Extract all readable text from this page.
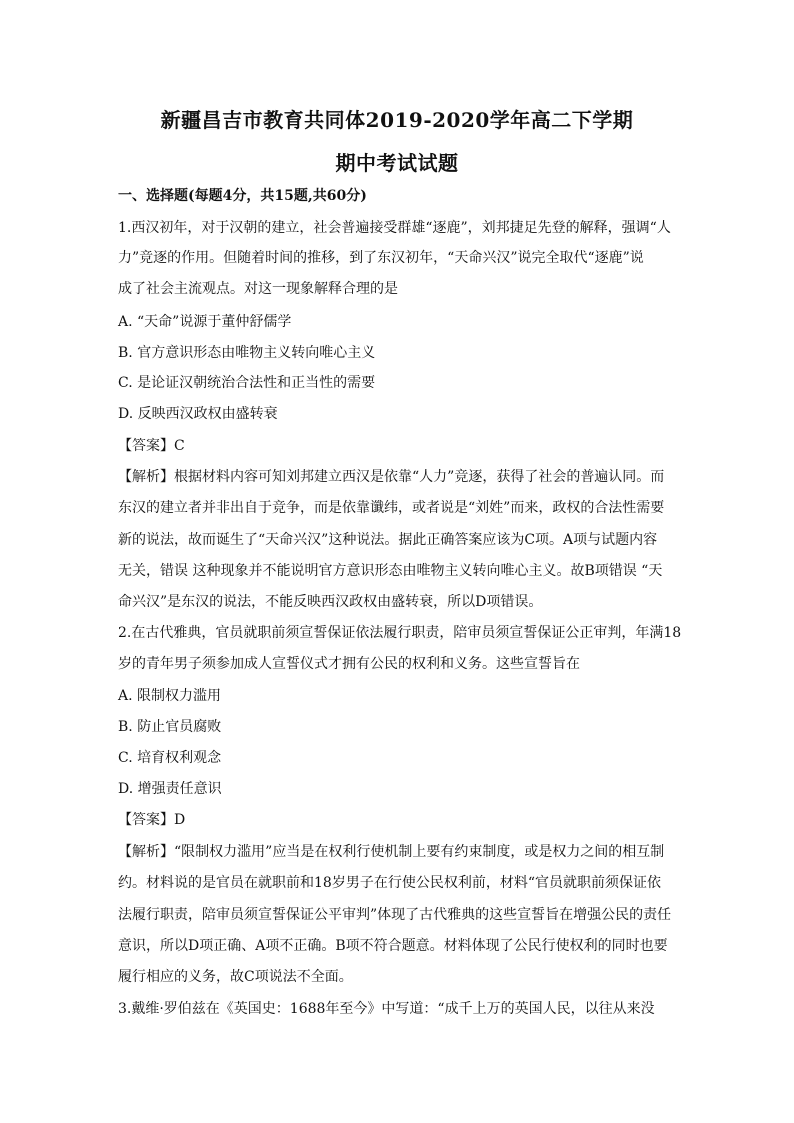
新疆昌吉市教育共同体2019-2020学年高二下学期
期中考试试题
一、选择题(每题4分，共15题,共60分)
1.西汉初年，对于汉朝的建立，社会普遍接受群雄“逐鹿”，刘邦捷足先登的解释，强调“人
力”竞逐的作用。但随着时间的推移，到了东汉初年，“天命兴汉”说完全取代“逐鹿”说
成了社会主流观点。对这一现象解释合理的是
A. “天命”说源于董仲舒儒学
B. 官方意识形态由唯物主义转向唯心主义
C. 是论证汉朝统治合法性和正当性的需要
D. 反映西汉政权由盛转衰
【答案】C
【解析】根据材料内容可知刘邦建立西汉是依靠“人力”竞逐，获得了社会的普遍认同。而
东汉的建立者并非出自于竞争，而是依靠谶纬，或者说是“刘姓”而来，政权的合法性需要
新的说法，故而诞生了“天命兴汉”这种说法。据此正确答案应该为C项。A项与试题内容
无关，错误 这种现象并不能说明官方意识形态由唯物主义转向唯心主义。故B项错误 “天
命兴汉”是东汉的说法，不能反映西汉政权由盛转衰，所以D项错误。
2.在古代雅典，官员就职前须宣誓保证依法履行职责，陪审员须宣誓保证公正审判，年满18
岁的青年男子须参加成人宣誓仪式才拥有公民的权利和义务。这些宣誓旨在
A. 限制权力滥用
B. 防止官员腐败
C. 培育权利观念
D. 增强责任意识
【答案】D
【解析】“限制权力滥用”应当是在权利行使机制上要有约束制度，或是权力之间的相互制
约。材料说的是官员在就职前和18岁男子在行使公民权利前，材料“官员就职前须保证依
法履行职责，陪审员须宣誓保证公平审判”体现了古代雅典的这些宣誓旨在增强公民的责任
意识，所以D项正确、A项不正确。B项不符合题意。材料体现了公民行使权利的同时也要
履行相应的义务，故C项说法不全面。
3.戴维·罗伯兹在《英国史：1688年至今》中写道：“成千上万的英国人民，以往从来没
